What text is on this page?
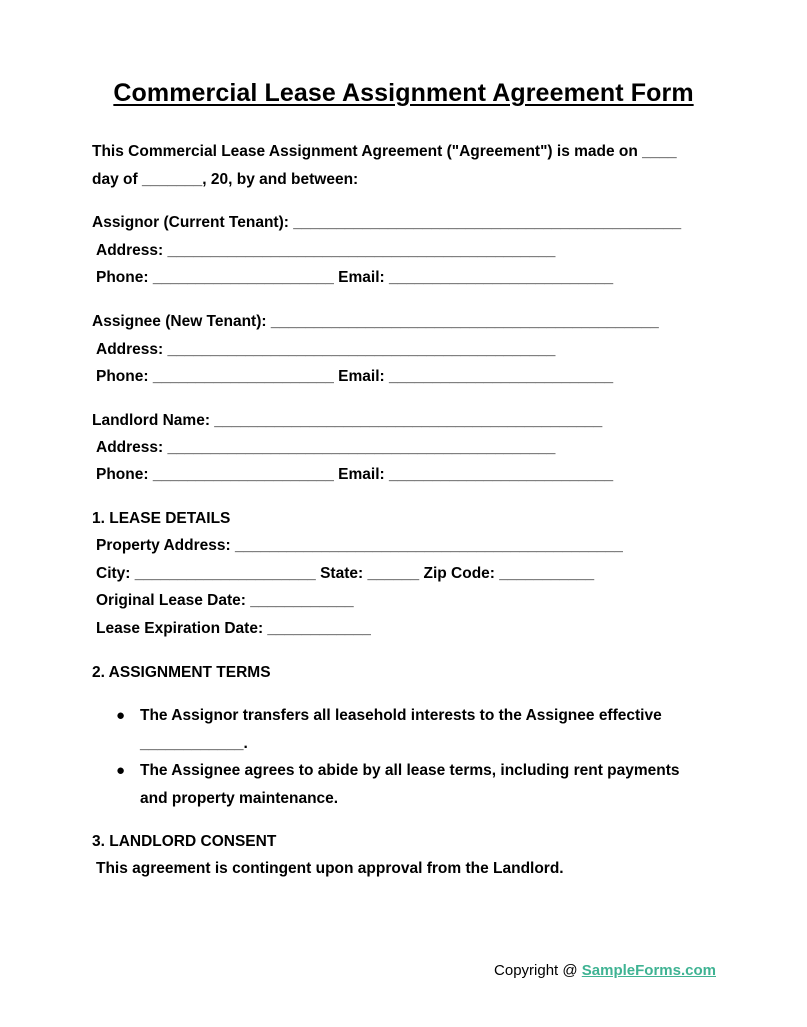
Commercial Lease Assignment Agreement Form
This Commercial Lease Assignment Agreement ("Agreement") is made on ____
day of _______, 20, by and between:
Assignor (Current Tenant): _____________________________________________
Address: _____________________________________________
Phone: _____________________ Email: __________________________
Assignee (New Tenant): _____________________________________________
Address: _____________________________________________
Phone: _____________________ Email: __________________________
Landlord Name: _____________________________________________
Address: _____________________________________________
Phone: _____________________ Email: __________________________
1. LEASE DETAILS
Property Address: _____________________________________________
City: _____________________ State: ______ Zip Code: ___________
Original Lease Date: ____________
Lease Expiration Date: ____________
2. ASSIGNMENT TERMS
● The Assignor transfers all leasehold interests to the Assignee effective
____________.
● The Assignee agrees to abide by all lease terms, including rent payments
and property maintenance.
3. LANDLORD CONSENT
This agreement is contingent upon approval from the Landlord.
Copyright @ SampleForms.com
